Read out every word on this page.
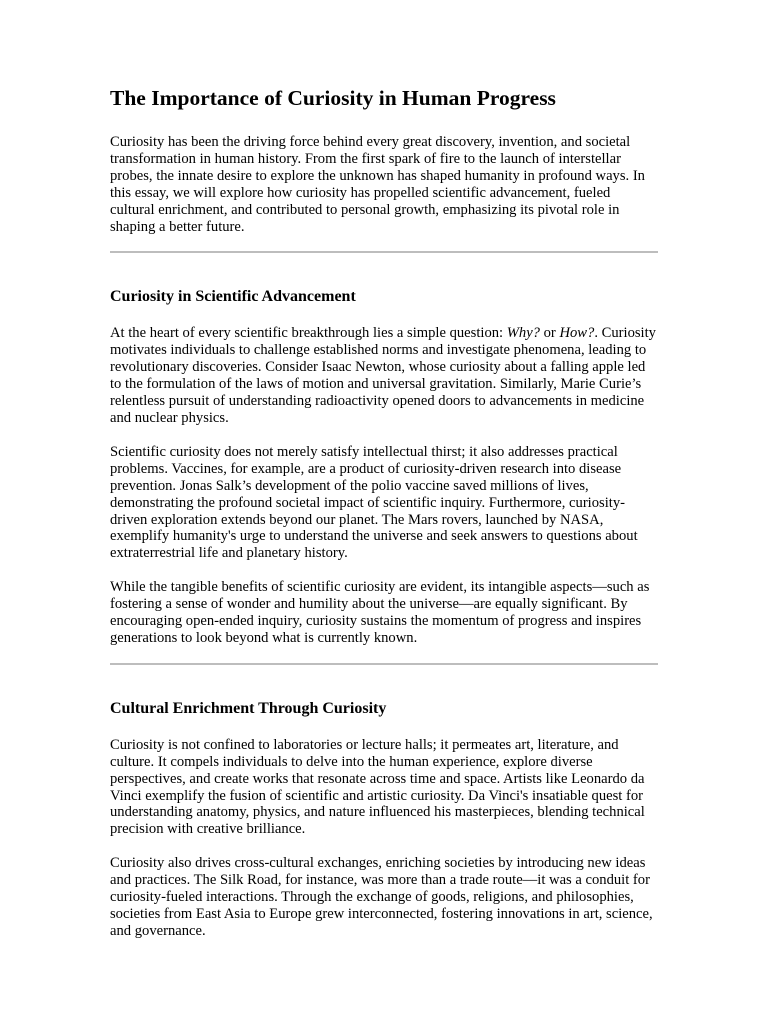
The Importance of Curiosity in Human Progress

Curiosity has been the driving force behind every great discovery, invention, and societal transformation in human history. From the first spark of fire to the launch of interstellar probes, the innate desire to explore the unknown has shaped humanity in profound ways. In this essay, we will explore how curiosity has propelled scientific advancement, fueled cultural enrichment, and contributed to personal growth, emphasizing its pivotal role in shaping a better future.

Curiosity in Scientific Advancement

At the heart of every scientific breakthrough lies a simple question: Why? or How?. Curiosity motivates individuals to challenge established norms and investigate phenomena, leading to revolutionary discoveries. Consider Isaac Newton, whose curiosity about a falling apple led to the formulation of the laws of motion and universal gravitation. Similarly, Marie Curie’s relentless pursuit of understanding radioactivity opened doors to advancements in medicine and nuclear physics.

Scientific curiosity does not merely satisfy intellectual thirst; it also addresses practical problems. Vaccines, for example, are a product of curiosity-driven research into disease prevention. Jonas Salk’s development of the polio vaccine saved millions of lives, demonstrating the profound societal impact of scientific inquiry. Furthermore, curiosity-driven exploration extends beyond our planet. The Mars rovers, launched by NASA, exemplify humanity's urge to understand the universe and seek answers to questions about extraterrestrial life and planetary history.

While the tangible benefits of scientific curiosity are evident, its intangible aspects—such as fostering a sense of wonder and humility about the universe—are equally significant. By encouraging open-ended inquiry, curiosity sustains the momentum of progress and inspires generations to look beyond what is currently known.

Cultural Enrichment Through Curiosity

Curiosity is not confined to laboratories or lecture halls; it permeates art, literature, and culture. It compels individuals to delve into the human experience, explore diverse perspectives, and create works that resonate across time and space. Artists like Leonardo da Vinci exemplify the fusion of scientific and artistic curiosity. Da Vinci's insatiable quest for understanding anatomy, physics, and nature influenced his masterpieces, blending technical precision with creative brilliance.

Curiosity also drives cross-cultural exchanges, enriching societies by introducing new ideas and practices. The Silk Road, for instance, was more than a trade route—it was a conduit for curiosity-fueled interactions. Through the exchange of goods, religions, and philosophies, societies from East Asia to Europe grew interconnected, fostering innovations in art, science, and governance.
